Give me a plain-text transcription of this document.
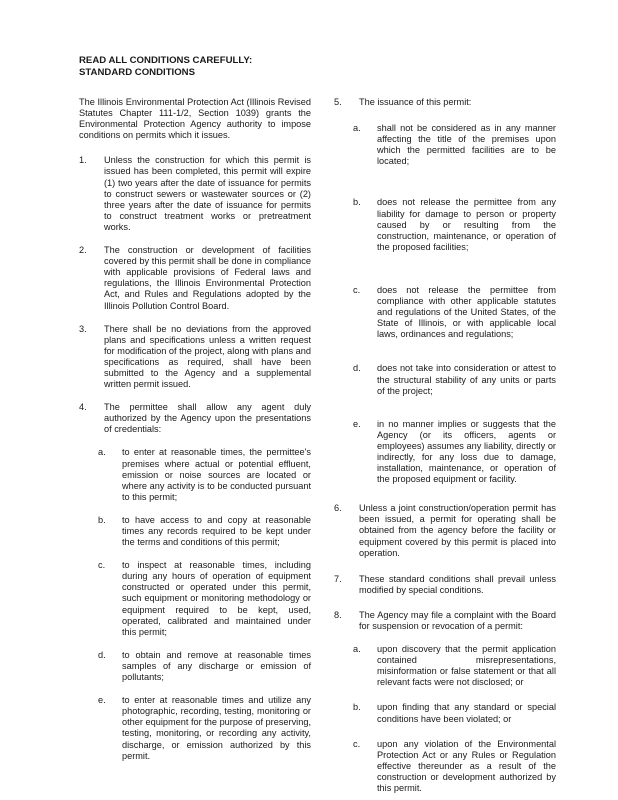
READ ALL CONDITIONS CAREFULLY:
STANDARD CONDITIONS

The Illinois Environmental Protection Act (Illinois Revised Statutes Chapter 111-1/2, Section 1039) grants the Environmental Protection Agency authority to impose conditions on permits which it issues.

1.	Unless the construction for which this permit is issued has been completed, this permit will expire (1) two years after the date of issuance for permits to construct sewers or wastewater sources or (2) three years after the date of issuance for permits to construct treatment works or pretreatment works.
2.	The construction or development of facilities covered by this permit shall be done in compliance with applicable provisions of Federal laws and regulations, the Illinois Environmental Protection Act, and Rules and Regulations adopted by the Illinois Pollution Control Board.
3.	There shall be no deviations from the approved plans and specifications unless a written request for modification of the project, along with plans and specifications as required, shall have been submitted to the Agency and a supplemental written permit issued.
4.	The permittee shall allow any agent duly authorized by the Agency upon the presentations of credentials:
a.	to enter at reasonable times, the permittee's premises where actual or potential effluent, emission or noise sources are located or where any activity is to be conducted pursuant to this permit;
b.	to have access to and copy at reasonable times any records required to be kept under the terms and conditions of this permit;
c.	to inspect at reasonable times, including during any hours of operation of equipment constructed or operated under this permit, such equipment or monitoring methodology or equipment required to be kept, used, operated, calibrated and maintained under this permit;
d.	to obtain and remove at reasonable times samples of any discharge or emission of pollutants;
e.	to enter at reasonable times and utilize any photographic, recording, testing, monitoring or other equipment for the purpose of preserving, testing, monitoring, or recording any activity, discharge, or emission authorized by this permit.
5.	The issuance of this permit:
a.	shall not be considered as in any manner affecting the title of the premises upon which the permitted facilities are to be located;
b.	does not release the permittee from any liability for damage to person or property caused by or resulting from the construction, maintenance, or operation of the proposed facilities;
c.	does not release the permittee from compliance with other applicable statutes and regulations of the United States, of the State of Illinois, or with applicable local laws, ordinances and regulations;
d.	does not take into consideration or attest to the structural stability of any units or parts of the project;
e.	in no manner implies or suggests that the Agency (or its officers, agents or employees) assumes any liability, directly or indirectly, for any loss due to damage, installation, maintenance, or operation of the proposed equipment or facility.
6.	Unless a joint construction/operation permit has been issued, a permit for operating shall be obtained from the agency before the facility or equipment covered by this permit is placed into operation.
7.	These standard conditions shall prevail unless modified by special conditions.
8.	The Agency may file a complaint with the Board for suspension or revocation of a permit:
a.	upon discovery that the permit application contained misrepresentations, misinformation or false statement or that all relevant facts were not disclosed; or
b.	upon finding that any standard or special conditions have been violated; or
c.	upon any violation of the Environmental Protection Act or any Rules or Regulation effective thereunder as a result of the construction or development authorized by this permit.
